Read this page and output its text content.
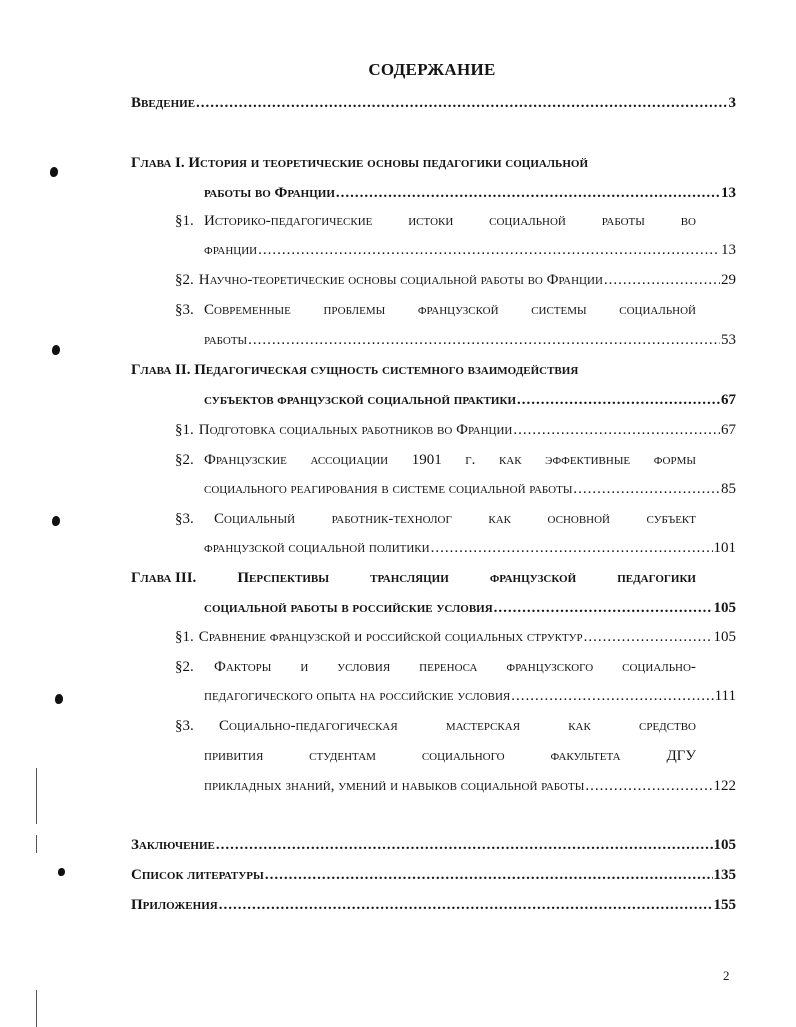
СОДЕРЖАНИЕ
Введение .....	3
Глава I. История и теоретические основы педагогики социальной
работы во Франции .....	13
§1. Историко-педагогические истоки социальной работы во
франции .....	13
§2. Научно-теоретические основы социальной работы во Франции .....	29
§3. Современные проблемы французской системы социальной
работы .....	53
Глава II. Педагогическая сущность системного взаимодействия
субъектов французской социальной практики .....	67
§1. Подготовка социальных работников во Франции .....	67
§2. Французские ассоциации 1901 г. как эффективные формы
социального реагирования в системе социальной работы .....	85
§3. Социальный работник-технолог как основной субъект
французской социальной политики .....	101
Глава III.	Перспективы	трансляции	французской	педагогики
социальной работы в российские условия .....	105
§1. Сравнение французской и российской социальных структур .....	105
§2. Факторы и условия переноса французского социально-
педагогического опыта на российские условия .....	111
§3. Социально-педагогическая	мастерская	как	средство
привития	студентам	социального	факультета	ДГУ
прикладных знаний, умений и навыков социальной работы .....	122
Заключение .....	105
Список литературы .....	135
Приложения .....	155
2
